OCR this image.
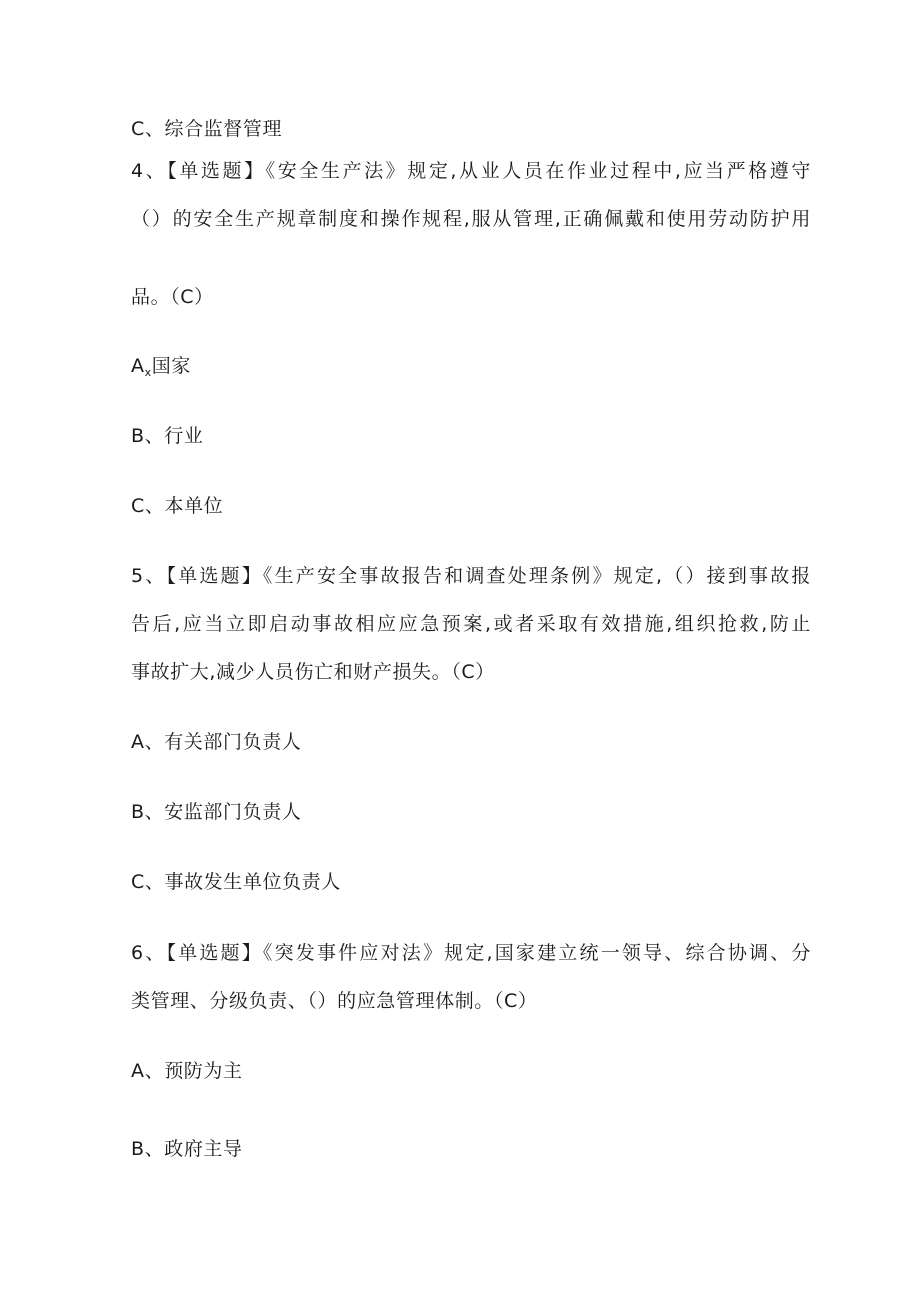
C、综合监督管理
4、【单选题】《安全生产法》规定,从业人员在作业过程中,应当严格遵守
（）的安全生产规章制度和操作规程,服从管理,正确佩戴和使用劳动防护用
品。（C）
$A_x$国家
B、行业
C、本单位
5、【单选题】《生产安全事故报告和调查处理条例》规定,（）接到事故报
告后,应当立即启动事故相应应急预案,或者采取有效措施,组织抢救,防止
事故扩大,减少人员伤亡和财产损失。（C）
A、有关部门负责人
B、安监部门负责人
C、事故发生单位负责人
6、【单选题】《突发事件应对法》规定,国家建立统一领导、综合协调、分
类管理、分级负责、（）的应急管理体制。（C）
A、预防为主
B、政府主导
